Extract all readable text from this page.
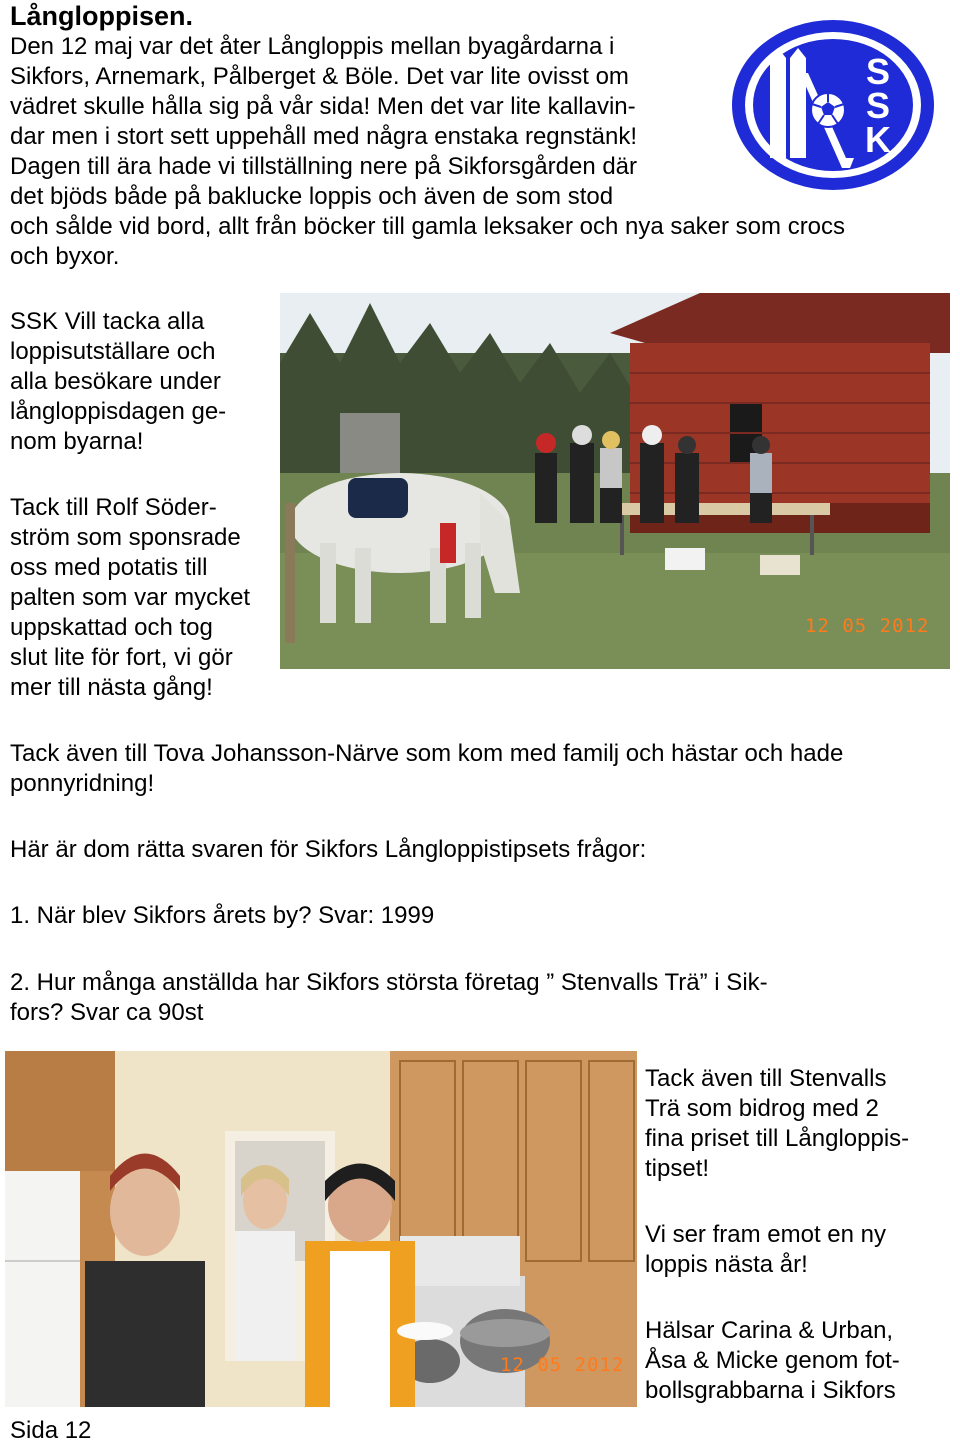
Långloppisen.
Den 12 maj var det åter Långloppis mellan byagårdarna i
Sikfors, Arnemark, Pålberget & Böle. Det var lite ovisst om
vädret skulle hålla sig på vår sida! Men det var lite kallavin-
dar men i stort sett uppehåll med några enstaka regnstänk!
Dagen till ära hade vi tillställning nere på Sikforsgården där
det bjöds både på baklucke loppis och även de som stod
och sålde vid bord, allt från böcker till gamla leksaker och nya saker som crocs
och byxor.
S
S
K
SSK Vill tacka alla
loppisutställare och
alla besökare under
långloppisdagen ge-
nom byarna!
Tack till Rolf Söder-
ström som sponsrade
oss med potatis till
palten som var mycket
uppskattad och tog
slut lite för fort, vi gör
mer till nästa gång!
12 05 2012
Tack även till Tova Johansson-Närve som kom med familj och hästar och hade
ponnyridning!
Här är dom rätta svaren för Sikfors Långloppistipsets frågor:
1. När blev Sikfors årets by? Svar: 1999
2. Hur många anställda har Sikfors största företag ” Stenvalls Trä” i Sik-
fors? Svar ca 90st
12 05 2012
Tack även till Stenvalls
Trä som bidrog med 2
fina priset till Långloppis-
tipset!
Vi ser fram emot en ny
loppis nästa år!
Hälsar Carina & Urban,
Åsa & Micke genom fot-
bollsgrabbarna i Sikfors
Sida 12
